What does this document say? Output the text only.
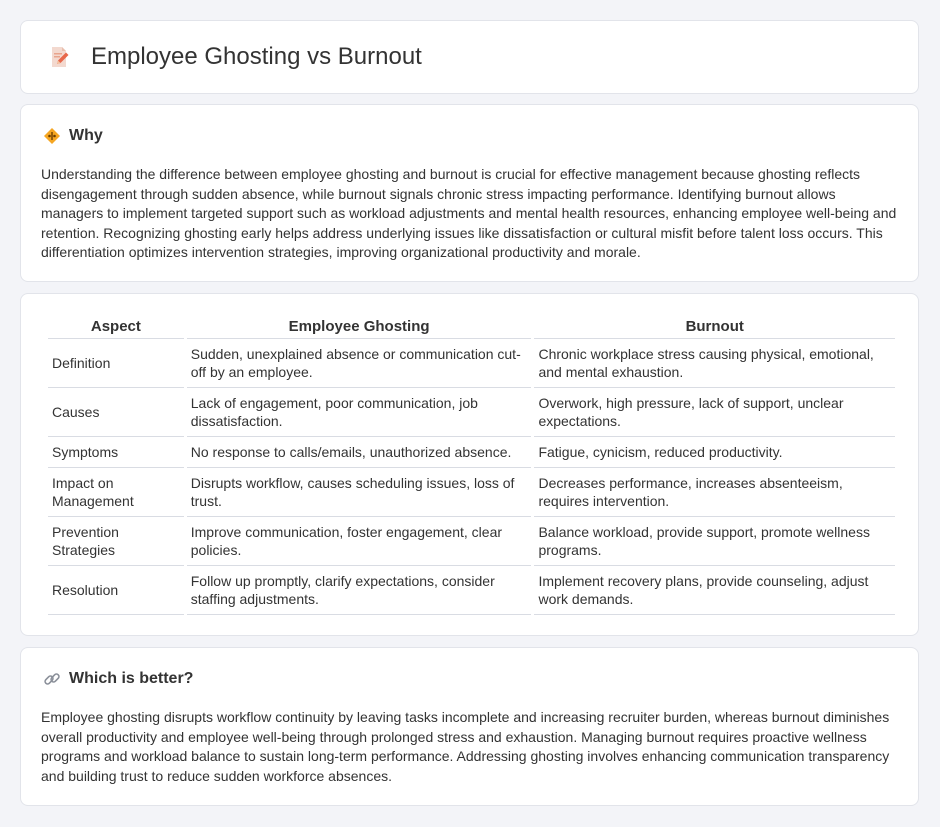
Employee Ghosting vs Burnout
Why

Understanding the difference between employee ghosting and burnout is crucial for effective management because ghosting reflects disengagement through sudden absence, while burnout signals chronic stress impacting performance. Identifying burnout allows managers to implement targeted support such as workload adjustments and mental health resources, enhancing employee well-being and retention. Recognizing ghosting early helps address underlying issues like dissatisfaction or cultural misfit before talent loss occurs. This differentiation optimizes intervention strategies, improving organizational productivity and morale.

Aspect	Employee Ghosting	Burnout
Definition	Sudden, unexplained absence or communication cut-off by an employee.	Chronic workplace stress causing physical, emotional, and mental exhaustion.
Causes	Lack of engagement, poor communication, job dissatisfaction.	Overwork, high pressure, lack of support, unclear expectations.
Symptoms	No response to calls/emails, unauthorized absence.	Fatigue, cynicism, reduced productivity.
Impact on Management	Disrupts workflow, causes scheduling issues, loss of trust.	Decreases performance, increases absenteeism, requires intervention.
Prevention Strategies	Improve communication, foster engagement, clear policies.	Balance workload, provide support, promote wellness programs.
Resolution	Follow up promptly, clarify expectations, consider staffing adjustments.	Implement recovery plans, provide counseling, adjust work demands.
Which is better?

Employee ghosting disrupts workflow continuity by leaving tasks incomplete and increasing recruiter burden, whereas burnout diminishes overall productivity and employee well-being through prolonged stress and exhaustion. Managing burnout requires proactive wellness programs and workload balance to sustain long-term performance. Addressing ghosting involves enhancing communication transparency and building trust to reduce sudden workforce absences.
